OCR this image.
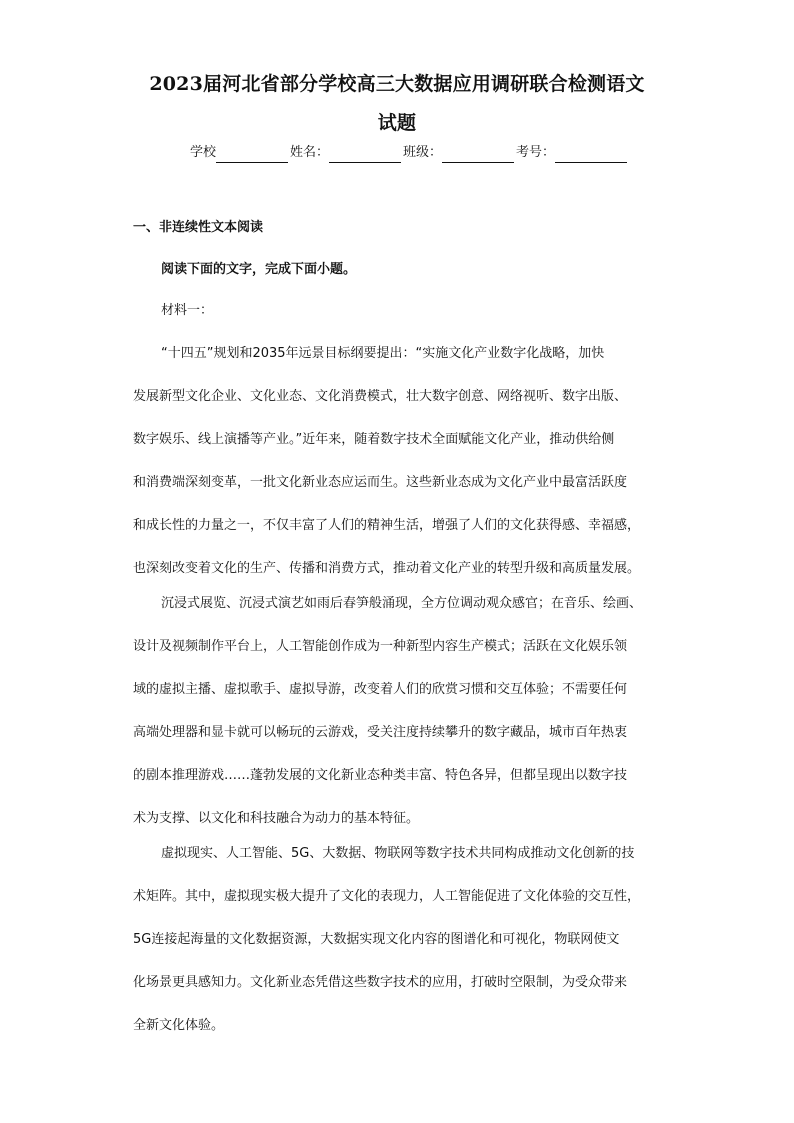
2023届河北省部分学校高三大数据应用调研联合检测语文
试题
学校	姓名：	班级：	考号：
一、非连续性文本阅读
阅读下面的文字，完成下面小题。
材料一：
“十四五”规划和2035年远景目标纲要提出：“实施文化产业数字化战略，加快
发展新型文化企业、文化业态、文化消费模式，壮大数字创意、网络视听、数字出版、
数字娱乐、线上演播等产业。”近年来，随着数字技术全面赋能文化产业，推动供给侧
和消费端深刻变革，一批文化新业态应运而生。这些新业态成为文化产业中最富活跃度
和成长性的力量之一，不仅丰富了人们的精神生活，增强了人们的文化获得感、幸福感，
也深刻改变着文化的生产、传播和消费方式，推动着文化产业的转型升级和高质量发展。
沉浸式展览、沉浸式演艺如雨后春笋般涌现，全方位调动观众感官；在音乐、绘画、
设计及视频制作平台上，人工智能创作成为一种新型内容生产模式；活跃在文化娱乐领
域的虚拟主播、虚拟歌手、虚拟导游，改变着人们的欣赏习惯和交互体验；不需要任何
高端处理器和显卡就可以畅玩的云游戏，受关注度持续攀升的数字藏品，城市百年热衷
的剧本推理游戏……蓬勃发展的文化新业态种类丰富、特色各异，但都呈现出以数字技
术为支撑、以文化和科技融合为动力的基本特征。
虚拟现实、人工智能、5G、大数据、物联网等数字技术共同构成推动文化创新的技
术矩阵。其中，虚拟现实极大提升了文化的表现力，人工智能促进了文化体验的交互性，
5G连接起海量的文化数据资源，大数据实现文化内容的图谱化和可视化，物联网使文
化场景更具感知力。文化新业态凭借这些数字技术的应用，打破时空限制，为受众带来
全新文化体验。
